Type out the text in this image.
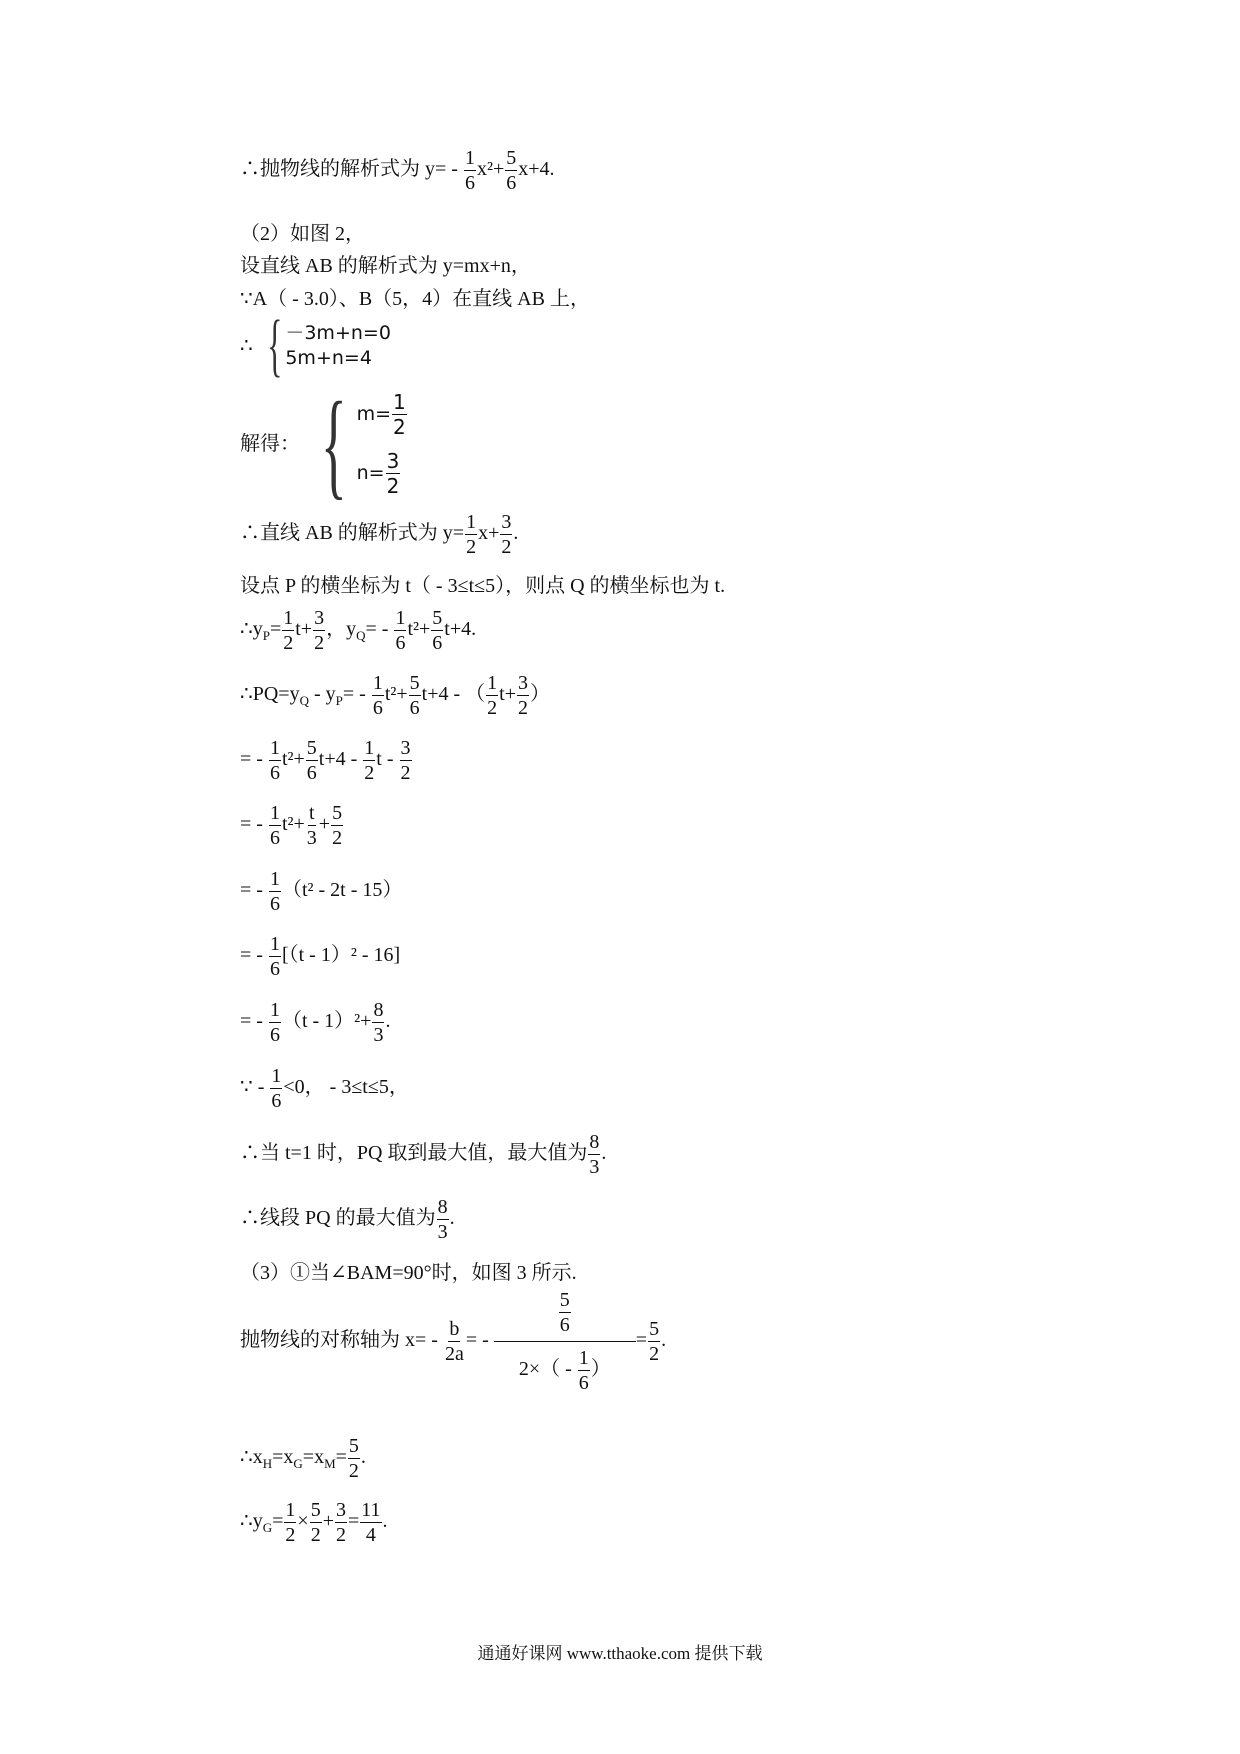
∴抛物线的解析式为 $y= - \frac{1}{6} x^2+ \frac{5}{6} x+4$.
（2）如图 2，
设直线 AB 的解析式为 y=mx+n，
∵A（ - 3.0）、B（5，4）在直线 AB 上，
∴ { －3m+n=0
5m+n=4
解得： { $m= \frac{1}{2}$
$n= \frac{3}{2}$
∴直线 AB 的解析式为 $y= \frac{1}{2} x+ \frac{3}{2}$ .
设点 P 的横坐标为 t（ - 3≤t≤5），则点 Q 的横坐标也为 t.
$\therefore y_P= \frac{1}{2} t+ \frac{3}{2}$ ，$y_Q= - \frac{1}{6} t^2+ \frac{5}{6} t+4$.
$\therefore PQ=y_Q - y_P= - \frac{1}{6} t^2+ \frac{5}{6} t+4$ - （ $\frac{1}{2} t+ \frac{3}{2}$ ）
= - $\frac{1}{6} t^2+ \frac{5}{6} t+4 - \frac{1}{2}$ t - $\frac{3}{2}$
= - $\frac{1}{6} t^2+ \frac{t}{3} + \frac{5}{2}$
= - $\frac{1}{6} (t^2 - 2t - 15)$
= - $\frac{1}{6} [(t - 1)^2 - 16]$
= - $\frac{1}{6} (t - 1)^2+ \frac{8}{3}$ .
∵ - $\frac{1}{6} <0$， - 3≤t≤5，
∴当 t=1 时，PQ 取到最大值，最大值为 $\frac{8}{3}$ .
∴线段 PQ 的最大值为 $\frac{8}{3}$ .
（3）①当∠BAM=90°时，如图 3 所示.
抛物线的对称轴为 $x= - \frac{b}{2a}$ = - $\frac{\frac{5}{6}}{2\times( - \frac{1}{6} )} = \frac{5}{2}$ .
$\therefore x_H=x_G=x_M= \frac{5}{2}$ .
$\therefore y_G= \frac{1}{2} \times \frac{5}{2} + \frac{3}{2} = \frac{11}{4}$ .
通通好课网 www.tthaoke.com 提供下载
